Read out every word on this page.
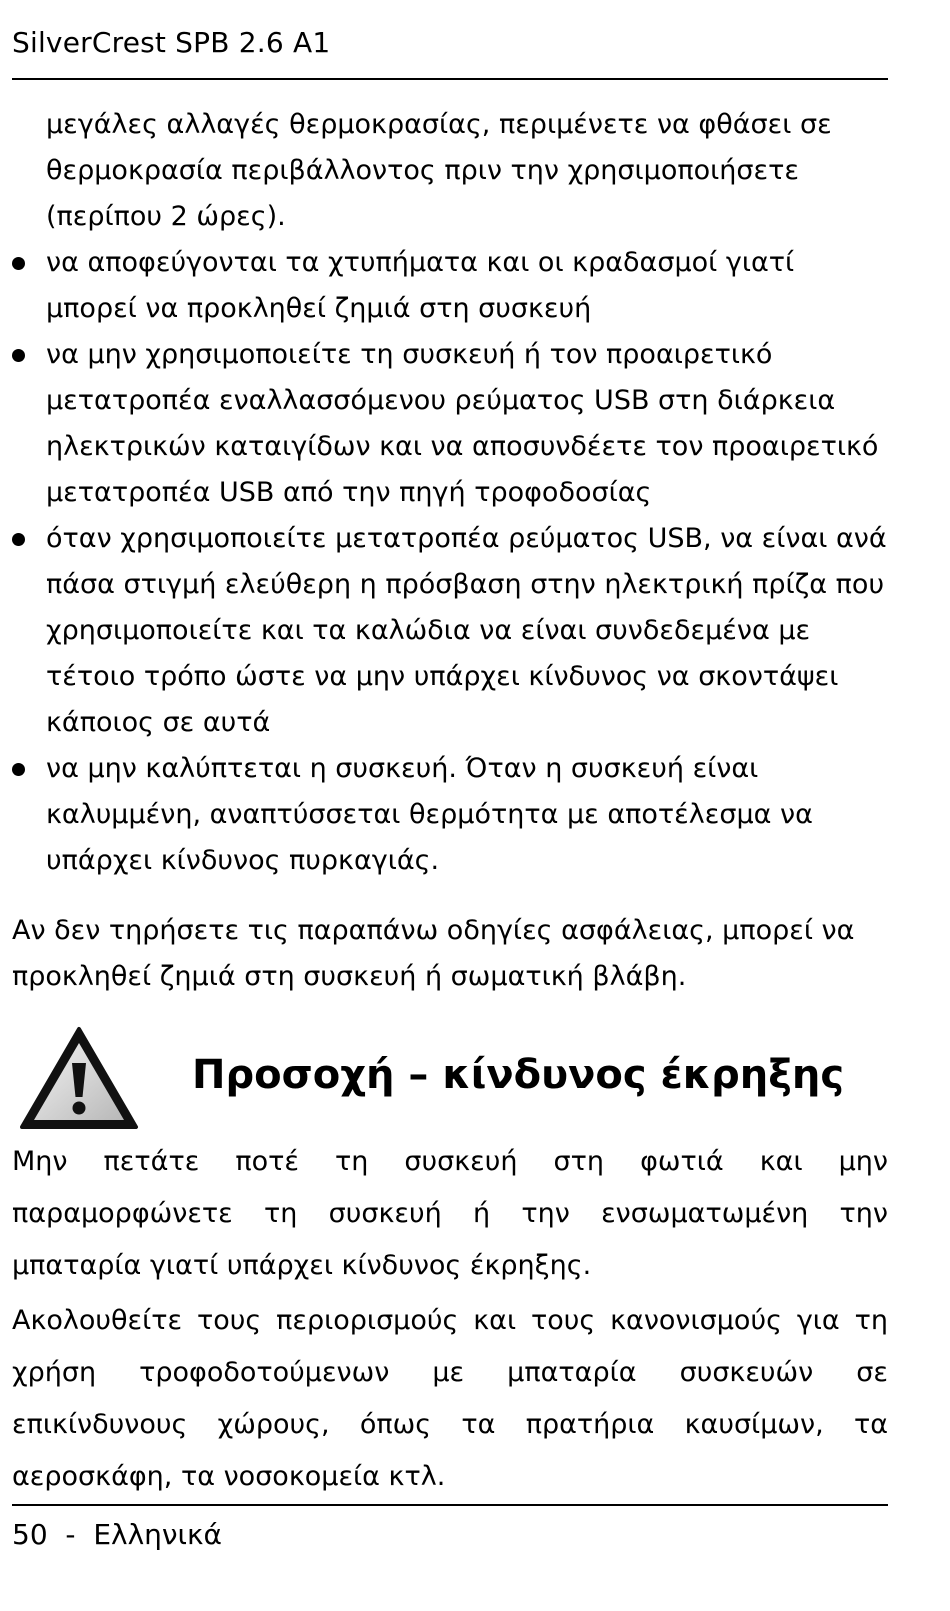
SilverCrest SPB 2.6 A1
μεγάλες αλλαγές θερμοκρασίας, περιμένετε να φθάσει σε θερμοκρασία περιβάλλοντος πριν την χρησιμοποιήσετε (περίπου 2 ώρες).
να αποφεύγονται τα χτυπήματα και οι κραδασμοί γιατί μπορεί να προκληθεί ζημιά στη συσκευή
να μην χρησιμοποιείτε τη συσκευή ή τον προαιρετικό μετατροπέα εναλλασσόμενου ρεύματος USB στη διάρκεια ηλεκτρικών καταιγίδων και να αποσυνδέετε τον προαιρετικό μετατροπέα USB από την πηγή τροφοδοσίας
όταν χρησιμοποιείτε μετατροπέα ρεύματος USB, να είναι ανά πάσα στιγμή ελεύθερη η πρόσβαση στην ηλεκτρική πρίζα που χρησιμοποιείτε και τα καλώδια να είναι συνδεδεμένα με τέτοιο τρόπο ώστε να μην υπάρχει κίνδυνος να σκοντάψει κάποιος σε αυτά
να μην καλύπτεται η συσκευή. Όταν η συσκευή είναι καλυμμένη, αναπτύσσεται θερμότητα με αποτέλεσμα να υπάρχει κίνδυνος πυρκαγιάς.
Αν δεν τηρήσετε τις παραπάνω οδηγίες ασφάλειας, μπορεί να προκληθεί ζημιά στη συσκευή ή σωματική βλάβη.
Προσοχή – κίνδυνος έκρηξης
Μην πετάτε ποτέ τη συσκευή στη φωτιά και μην παραμορφώνετε τη συσκευή ή την ενσωματωμένη την μπαταρία γιατί υπάρχει κίνδυνος έκρηξης.
Ακολουθείτε τους περιορισμούς και τους κανονισμούς για τη χρήση τροφοδοτούμενων με μπαταρία συσκευών σε επικίνδυνους χώρους, όπως τα πρατήρια καυσίμων, τα αεροσκάφη, τα νοσοκομεία κτλ.
50  -  Ελληνικά
